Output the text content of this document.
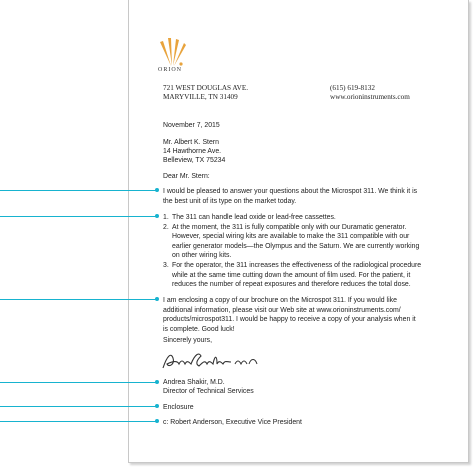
ORION
721 WEST DOUGLAS AVE.
MARYVILLE, TN 31409
(615) 619-8132
www.orioninstruments.com
November 7, 2015
Mr. Albert K. Stern
14 Hawthorne Ave.
Belleview, TX 75234
Dear Mr. Stern:
I would be pleased to answer your questions about the Microspot 311. We think it is
the best unit of its type on the market today.
1. The 311 can handle lead oxide or lead-free cassettes.
2. At the moment, the 311 is fully compatible only with our Duramatic generator.
However, special wiring kits are available to make the 311 compatible with our
earlier generator models—the Olympus and the Saturn. We are currently working
on other wiring kits.
3. For the operator, the 311 increases the effectiveness of the radiological procedure
while at the same time cutting down the amount of film used. For the patient, it
reduces the number of repeat exposures and therefore reduces the total dose.
I am enclosing a copy of our brochure on the Microspot 311. If you would like
additional information, please visit our Web site at www.orioninstruments.com/
products/microspot311. I would be happy to receive a copy of your analysis when it
is complete. Good luck!
Sincerely yours,
Andrea Shakir, M.D.
Director of Technical Services
Enclosure
c: Robert Anderson, Executive Vice President
